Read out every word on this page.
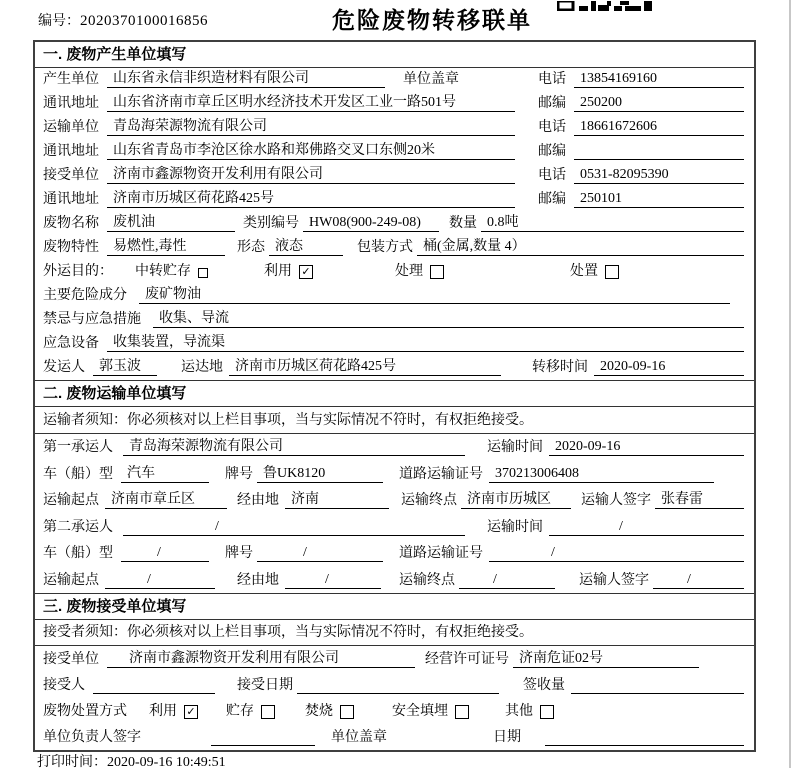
编号：2020370100016856	危险废物转移联单
一. 废物产生单位填写
产生单位	山东省永信非织造材料有限公司	单位盖章	电话	13854169160
通讯地址	山东省济南市章丘区明水经济技术开发区工业一路501号	邮编	250200
运输单位	青岛海荣源物流有限公司	电话	18661672606
通讯地址	山东省青岛市李沧区徐水路和郑佛路交叉口东侧20米	邮编
接受单位	济南市鑫源物资开发利用有限公司	电话	0531-82095390
通讯地址	济南市历城区荷花路425号	邮编	250101
废物名称	废机油	类别编号 HW08(900-249-08)	数量 0.8吨
废物特性	易燃性,毒性	形态 液态	包装方式 桶(金属,数量 4）
外运目的： 中转贮存	利用 ✓	处理	处置
主要危险成分	废矿物油
禁忌与应急措施	收集、导流
应急设备	收集装置，导流渠
发运人	郭玉波	运达地 济南市历城区荷花路425号	转移时间 2020-09-16
二. 废物运输单位填写
运输者须知：你必须核对以上栏目事项，当与实际情况不符时，有权拒绝接受。
第一承运人	青岛海荣源物流有限公司	运输时间 2020-09-16
车（船）型	汽车	牌号 鲁UK8120	道路运输证号 370213006408
运输起点 济南市章丘区	经由地 济南	运输终点 济南市历城区	运输人签字 张春雷
第二承运人	/	运输时间	/
车（船）型	/	牌号	/	道路运输证号	/
运输起点	/	经由地	/	运输终点	/	运输人签字	/
三. 废物接受单位填写
接受者须知：你必须核对以上栏目事项，当与实际情况不符时，有权拒绝接受。
接受单位	济南市鑫源物资开发利用有限公司	经营许可证号 济南危证02号
接受人	接受日期	签收量
废物处置方式 利用 ✓ 贮存	焚烧	安全填埋	其他
单位负责人签字	单位盖章	日期
打印时间：2020-09-16 10:49:51
